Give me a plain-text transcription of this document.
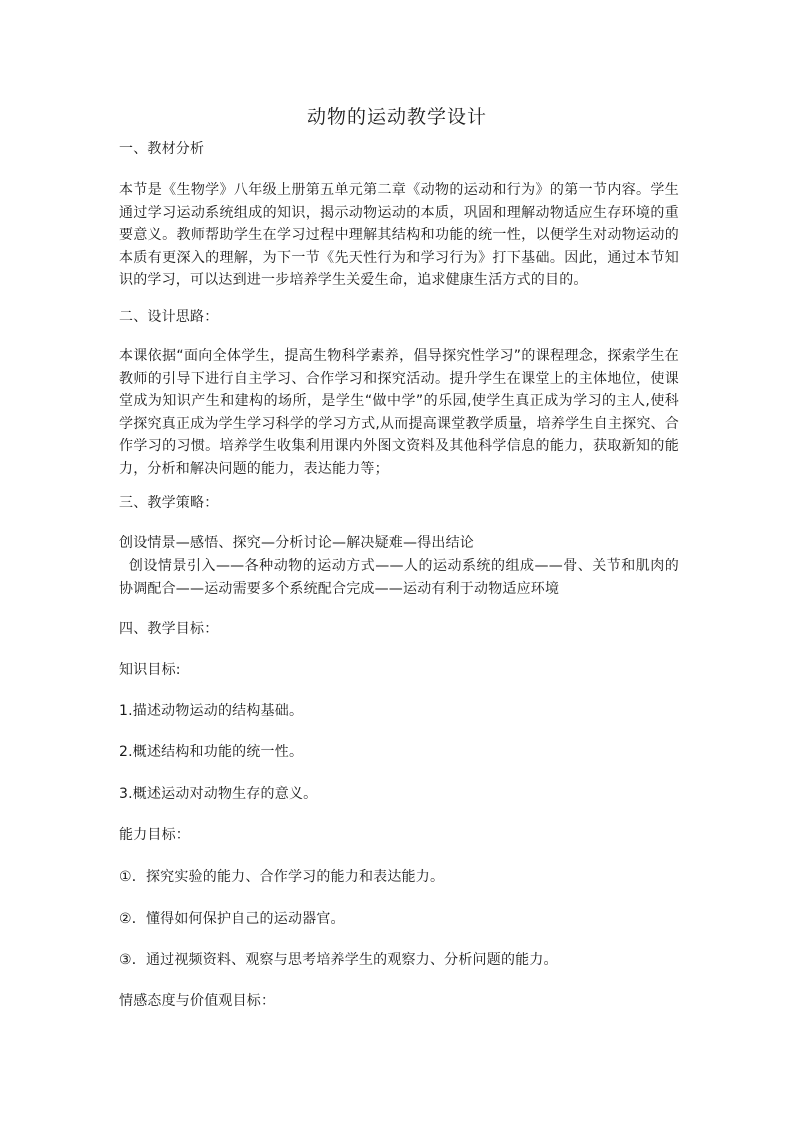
动物的运动教学设计

一、教材分析

本节是《生物学》八年级上册第五单元第二章《动物的运动和行为》的第一节内容。学生通过学习运动系统组成的知识，揭示动物运动的本质，巩固和理解动物适应生存环境的重要意义。教师帮助学生在学习过程中理解其结构和功能的统一性，以便学生对动物运动的本质有更深入的理解，为下一节《先天性行为和学习行为》打下基础。因此，通过本节知识的学习，可以达到进一步培养学生关爱生命，追求健康生活方式的目的。

二、设计思路：

本课依据“面向全体学生，提高生物科学素养，倡导探究性学习”的课程理念，探索学生在教师的引导下进行自主学习、合作学习和探究活动。提升学生在课堂上的主体地位，使课堂成为知识产生和建构的场所，是学生“做中学”的乐园,使学生真正成为学习的主人,使科学探究真正成为学生学习科学的学习方式,从而提高课堂教学质量，培养学生自主探究、合作学习的习惯。培养学生收集利用课内外图文资料及其他科学信息的能力，获取新知的能力，分析和解决问题的能力，表达能力等；

三、教学策略：

创设情景—感悟、探究—分析讨论—解决疑难—得出结论

创设情景引入——各种动物的运动方式——人的运动系统的组成——骨、关节和肌肉的协调配合——运动需要多个系统配合完成——运动有利于动物适应环境

四、教学目标：

知识目标:

1.描述动物运动的结构基础。

2.概述结构和功能的统一性。

3.概述运动对动物生存的意义。

能力目标：

①．探究实验的能力、合作学习的能力和表达能力。

②．懂得如何保护自己的运动器官。

③．通过视频资料、观察与思考培养学生的观察力、分析问题的能力。

情感态度与价值观目标：
